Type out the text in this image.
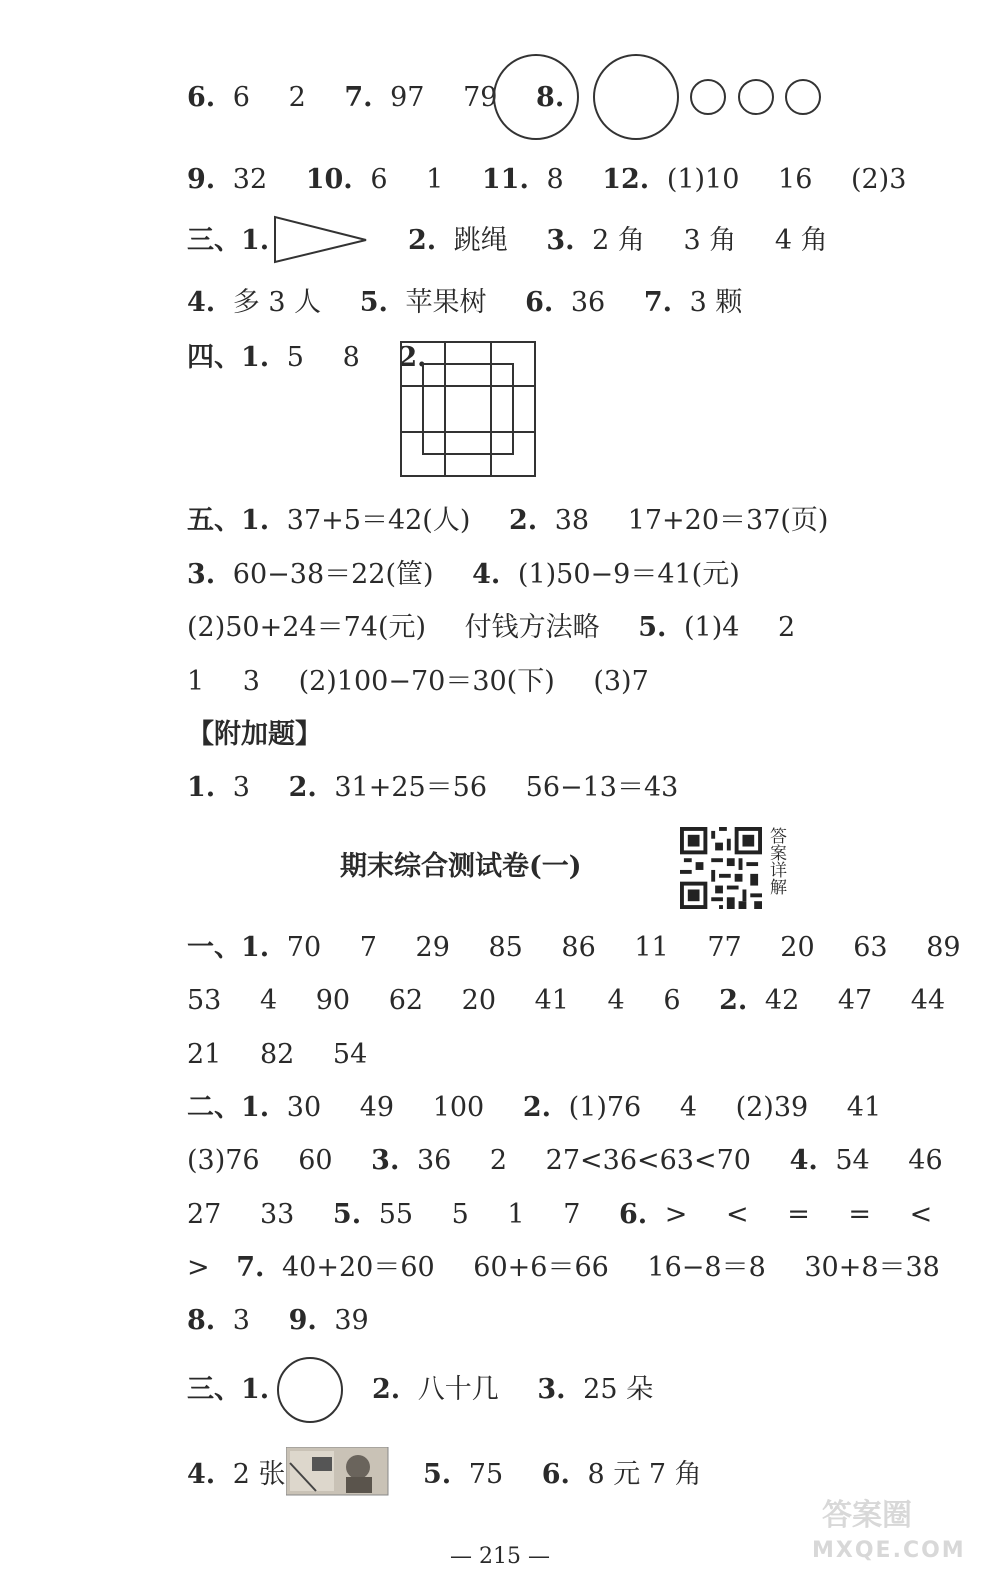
6. 6 2 7. 97 79 8.
9. 32 10. 6 1 11. 8 12. (1)10 16 (2)3
三、1.	2. 跳绳 3. 2 角 3 角 4 角
4. 多 3 人 5. 苹果树 6. 36 7. 3 颗
四、1. 5 8 2.
五、1. 37+5＝42(人) 2. 38 17+20＝37(页)
3. 60−38＝22(筐) 4. (1)50−9＝41(元)
(2)50+24＝74(元) 付钱方法略 5. (1)4 2
1 3 (2)100−70＝30(下) (3)7
【附加题】
1. 3 2. 31+25＝56 56−13＝43
期末综合测试卷(一)	答案详解
一、1. 70 7 29 85 86 11 77 20 63 89
53 4 90 62 20 41 4 6 2. 42 47 44
21 82 54
二、1. 30 49 100 2. (1)76 4 (2)39 41
(3)76 60 3. 36 2 27<36<63<70 4. 54 46
27 33 5. 55 5 1 7 6. > < = = <
> 7. 40+20＝60 60+6＝66 16−8＝8 30+8＝38
8. 3 9. 39
三、1.	2. 八十几 3. 25 朵
4. 2 张	5. 75 6. 8 元 7 角
— 215 —
答案圈
MXQE.COM
